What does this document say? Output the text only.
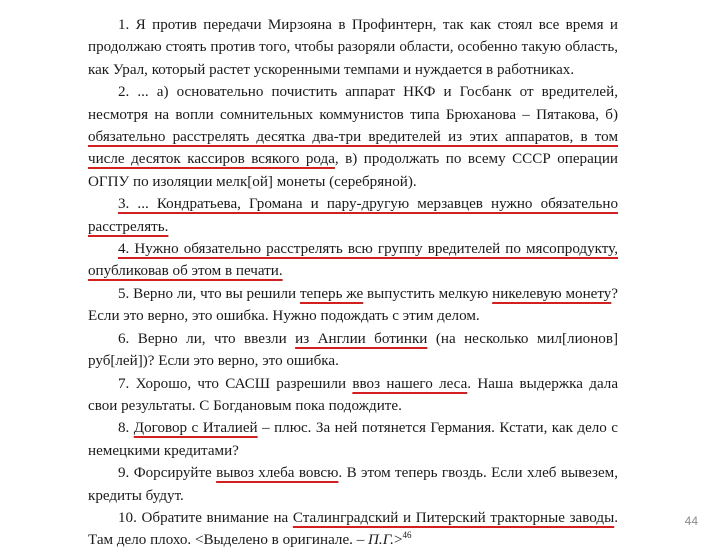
1. Я против передачи Мирзояна в Профинтерн, так как стоял все время и продолжаю стоять против того, чтобы разоряли области, особенно такую область, как Урал, который растет ускоренными темпами и нуждается в работниках.

2. ... а) основательно почистить аппарат НКФ и Госбанк от вредителей, несмотря на вопли сомнительных коммунистов типа Брюханова – Пятакова, б) обязательно расстрелять десятка два-три вредителей из этих аппаратов, в том числе десяток кассиров всякого рода, в) продолжать по всему СССР операции ОГПУ по изоляции мелк[ой] монеты (серебряной).

3. ... Кондратьева, Громана и пару-другую мерзавцев нужно обязательно расстрелять.

4. Нужно обязательно расстрелять всю группу вредителей по мясопродукту, опубликовав об этом в печати.

5. Верно ли, что вы решили теперь же выпустить мелкую никелевую монету? Если это верно, это ошибка. Нужно подождать с этим делом.

6. Верно ли, что ввезли из Англии ботинки (на несколько мил[лионов] руб[лей])? Если это верно, это ошибка.

7. Хорошо, что САСШ разрешили ввоз нашего леса. Наша выдержка дала свои результаты. С Богдановым пока подождите.

8. Договор с Италией – плюс. За ней потянется Германия. Кстати, как дело с немецкими кредитами?

9. Форсируйте вывоз хлеба вовсю. В этом теперь гвоздь. Если хлеб вывезем, кредиты будут.

10. Обратите внимание на Сталинградский и Питерский тракторные заводы. Там дело плохо. <Выделено в оригинале. – П.Г.>$^{46}$

44
